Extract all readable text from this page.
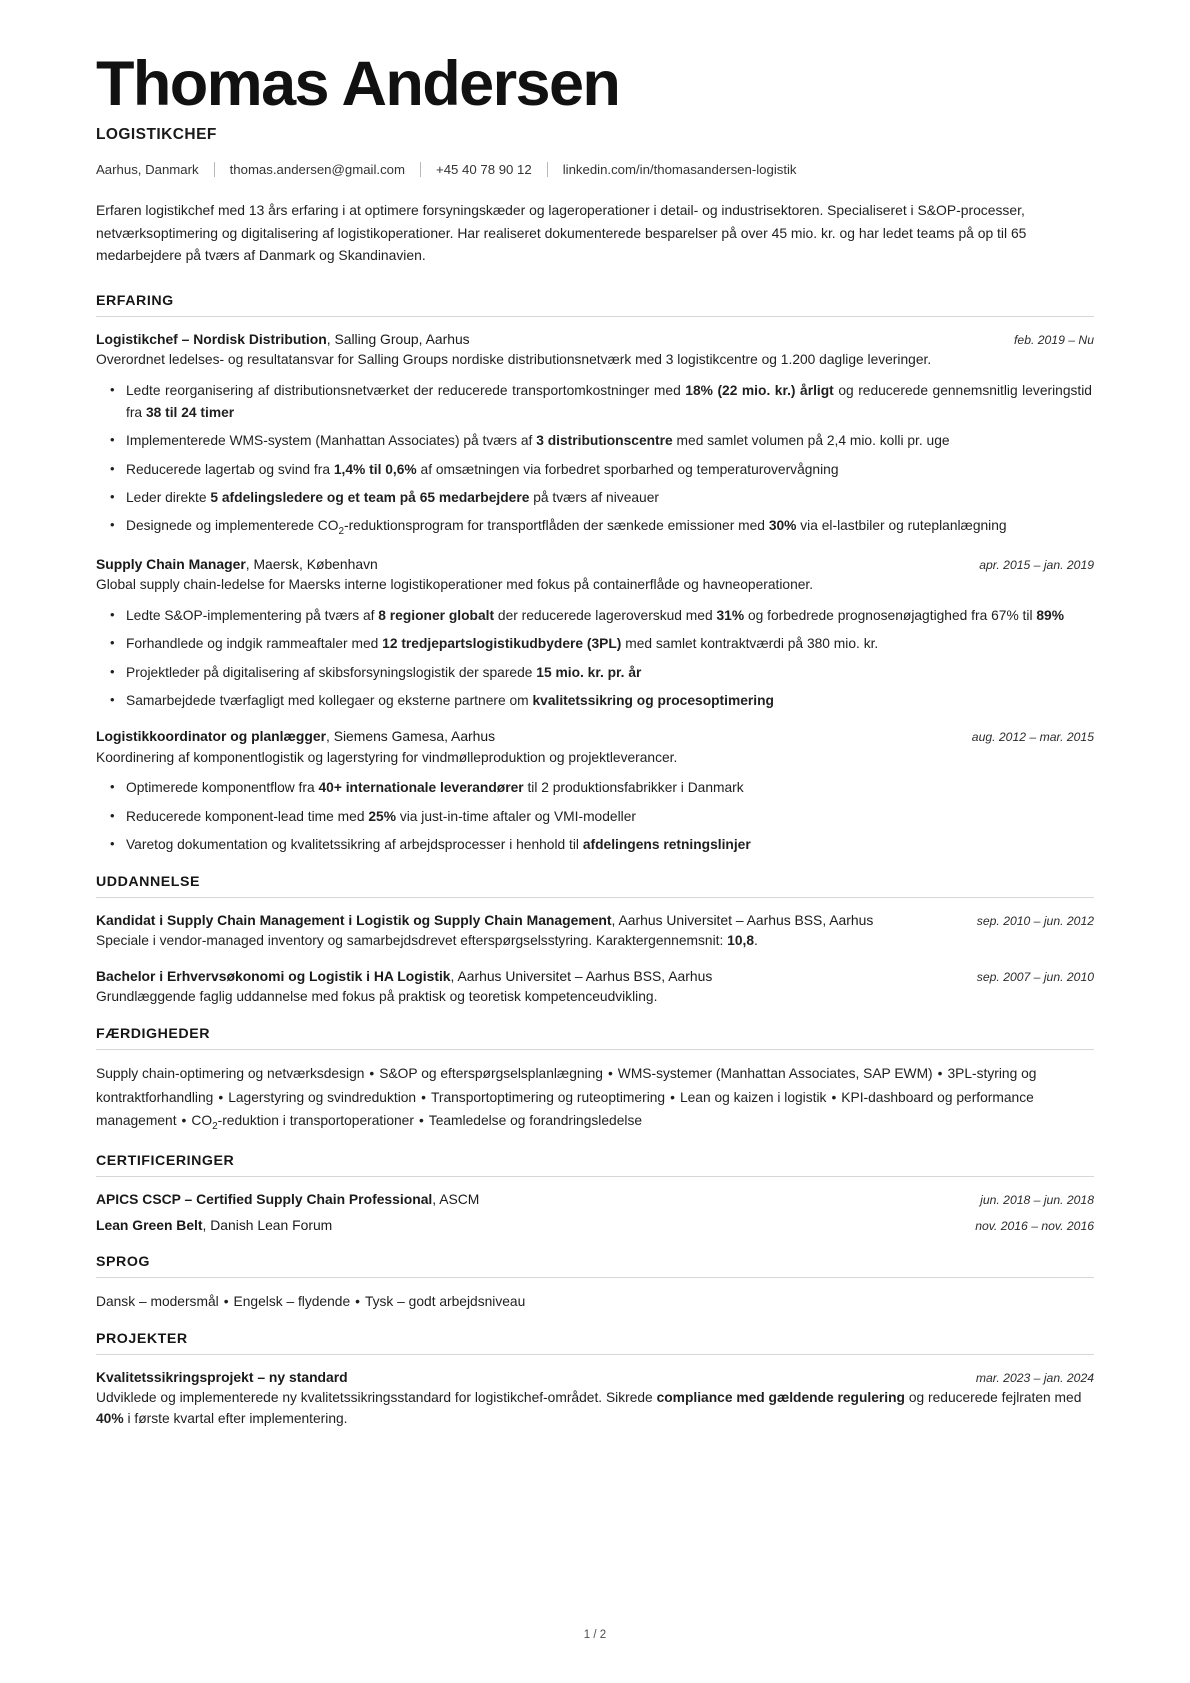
Thomas Andersen
LOGISTIKCHEF
Aarhus, Danmark thomas.andersen@gmail.com +45 40 78 90 12 linkedin.com/in/thomasandersen-logistik

Erfaren logistikchef med 13 års erfaring i at optimere forsyningskæder og lageroperationer i detail- og industrisektoren. Specialiseret i S&OP-processer, netværksoptimering og digitalisering af logistikoperationer. Har realiseret dokumenterede besparelser på over 45 mio. kr. og har ledet teams på op til 65 medarbejdere på tværs af Danmark og Skandinavien.

ERFARING
Logistikchef – Nordisk Distribution, Salling Group, Aarhus	feb. 2019 – Nu
Overordnet ledelses- og resultatansvar for Salling Groups nordiske distributionsnetværk med 3 logistikcentre og 1.200 daglige leveringer.
• Ledte reorganisering af distributionsnetværket der reducerede transportomkostninger med 18% (22 mio. kr.) årligt og reducerede gennemsnitlig leveringstid fra 38 til 24 timer
• Implementerede WMS-system (Manhattan Associates) på tværs af 3 distributionscentre med samlet volumen på 2,4 mio. kolli pr. uge
• Reducerede lagertab og svind fra 1,4% til 0,6% af omsætningen via forbedret sporbarhed og temperaturovervågning
• Leder direkte 5 afdelingsledere og et team på 65 medarbejdere på tværs af niveauer
• Designede og implementerede $CO_2$-reduktionsprogram for transportflåden der sænkede emissioner med 30% via el-lastbiler og ruteplanlægning
Supply Chain Manager, Maersk, København	apr. 2015 – jan. 2019
Global supply chain-ledelse for Maersks interne logistikoperationer med fokus på containerflåde og havneoperationer.
• Ledte S&OP-implementering på tværs af 8 regioner globalt der reducerede lageroverskud med 31% og forbedrede prognosenøjagtighed fra 67% til 89%
• Forhandlede og indgik rammeaftaler med 12 tredjepartslogistikudbydere (3PL) med samlet kontraktværdi på 380 mio. kr.
• Projektleder på digitalisering af skibsforsyningslogistik der sparede 15 mio. kr. pr. år
• Samarbejdede tværfagligt med kollegaer og eksterne partnere om kvalitetssikring og procesoptimering
Logistikkoordinator og planlægger, Siemens Gamesa, Aarhus	aug. 2012 – mar. 2015
Koordinering af komponentlogistik og lagerstyring for vindmølleproduktion og projektleverancer.
• Optimerede komponentflow fra 40+ internationale leverandører til 2 produktionsfabrikker i Danmark
• Reducerede komponent-lead time med 25% via just-in-time aftaler og VMI-modeller
• Varetog dokumentation og kvalitetssikring af arbejdsprocesser i henhold til afdelingens retningslinjer
UDDANNELSE
Kandidat i Supply Chain Management i Logistik og Supply Chain Management, Aarhus Universitet – Aarhus BSS, Aarhus	sep. 2010 – jun. 2012
Speciale i vendor-managed inventory og samarbejdsdrevet efterspørgselsstyring. Karaktergennemsnit: 10,8.
Bachelor i Erhvervsøkonomi og Logistik i HA Logistik, Aarhus Universitet – Aarhus BSS, Aarhus	sep. 2007 – jun. 2010
Grundlæggende faglig uddannelse med fokus på praktisk og teoretisk kompetenceudvikling.
FÆRDIGHEDER
Supply chain-optimering og netværksdesign • S&OP og efterspørgselsplanlægning • WMS-systemer (Manhattan Associates, SAP EWM) • 3PL-styring og kontraktforhandling • Lagerstyring og svindreduktion • Transportoptimering og ruteoptimering • Lean og kaizen i logistik • KPI-dashboard og performance management • $CO_2$-reduktion i transportoperationer • Teamledelse og forandringsledelse
CERTIFICERINGER
APICS CSCP – Certified Supply Chain Professional, ASCM	jun. 2018 – jun. 2018
Lean Green Belt, Danish Lean Forum	nov. 2016 – nov. 2016
SPROG
Dansk – modersmål • Engelsk – flydende • Tysk – godt arbejdsniveau
PROJEKTER
Kvalitetssikringsprojekt – ny standard	mar. 2023 – jan. 2024
Udviklede og implementerede ny kvalitetssikringsstandard for logistikchef-området. Sikrede compliance med gældende regulering og reducerede fejlraten med 40% i første kvartal efter implementering.
1 / 2
